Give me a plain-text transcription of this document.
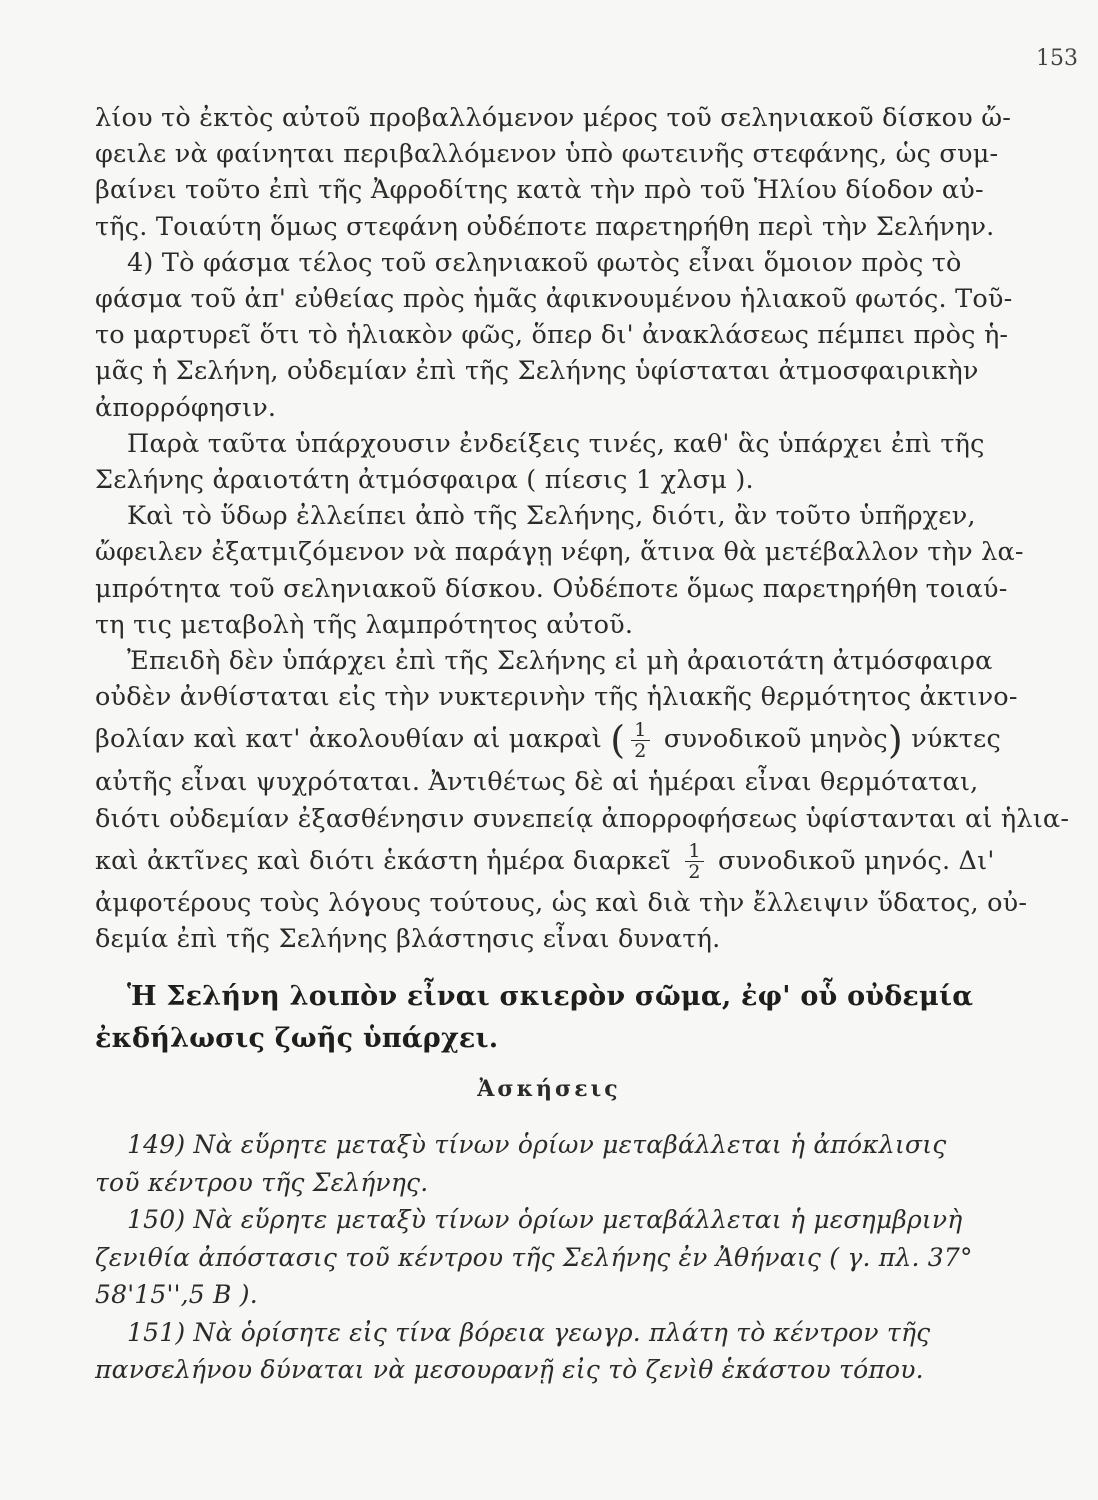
153
λίου τὸ ἐκτὸς αὐτοῦ προβαλλόμενον μέρος τοῦ σεληνιακοῦ δίσκου ὤ-
φειλε νὰ φαίνηται περιβαλλόμενον ὑπὸ φωτεινῆς στεφάνης, ὡς συμ-
βαίνει τοῦτο ἐπὶ τῆς Ἀφροδίτης κατὰ τὴν πρὸ τοῦ Ἡλίου δίοδον αὐ-
τῆς. Τοιαύτη ὅμως στεφάνη οὐδέποτε παρετηρήθη περὶ τὴν Σελήνην.
4) Τὸ φάσμα τέλος τοῦ σεληνιακοῦ φωτὸς εἶναι ὅμοιον πρὸς τὸ
φάσμα τοῦ ἀπ' εὐθείας πρὸς ἡμᾶς ἀφικνουμένου ἡλιακοῦ φωτός. Τοῦ-
το μαρτυρεῖ ὅτι τὸ ἡλιακὸν φῶς, ὅπερ δι' ἀνακλάσεως πέμπει πρὸς ἡ-
μᾶς ἡ Σελήνη, οὐδεμίαν ἐπὶ τῆς Σελήνης ὑφίσταται ἀτμοσφαιρικὴν
ἀπορρόφησιν.
Παρὰ ταῦτα ὑπάρχουσιν ἐνδείξεις τινές, καθ' ἃς ὑπάρχει ἐπὶ τῆς
Σελήνης ἀραιοτάτη ἀτμόσφαιρα ( πίεσις 1 χλσμ ).
Καὶ τὸ ὕδωρ ἐλλείπει ἀπὸ τῆς Σελήνης, διότι, ἂν τοῦτο ὑπῆρχεν,
ὤφειλεν ἐξατμιζόμενον νὰ παράγῃ νέφη, ἅτινα θὰ μετέβαλλον τὴν λα-
μπρότητα τοῦ σεληνιακοῦ δίσκου. Οὐδέποτε ὅμως παρετηρήθη τοιαύ-
τη τις μεταβολὴ τῆς λαμπρότητος αὐτοῦ.
Ἐπειδὴ δὲν ὑπάρχει ἐπὶ τῆς Σελήνης εἰ μὴ ἀραιοτάτη ἀτμόσφαιρα
οὐδὲν ἀνθίσταται εἰς τὴν νυκτερινὴν τῆς ἡλιακῆς θερμότητος ἀκτινο-
βολίαν καὶ κατ' ἀκολουθίαν αἱ μακραὶ ( $\frac{1}{2}$ συνοδικοῦ μηνὸς) νύκτες
αὐτῆς εἶναι ψυχρόταται. Ἀντιθέτως δὲ αἱ ἡμέραι εἶναι θερμόταται,
διότι οὐδεμίαν ἐξασθένησιν συνεπείᾳ ἀπορροφήσεως ὑφίστανται αἱ ἡλια-
καὶ ἀκτῖνες καὶ διότι ἑκάστη ἡμέρα διαρκεῖ $\frac{1}{2}$ συνοδικοῦ μηνός. Δι'
ἀμφοτέρους τοὺς λόγους τούτους, ὡς καὶ διὰ τὴν ἔλλειψιν ὕδατος, οὐ-
δεμία ἐπὶ τῆς Σελήνης βλάστησις εἶναι δυνατή.
Ἡ Σελήνη λοιπὸν εἶναι σκιερὸν σῶμα, ἐφ' οὗ οὐδεμία
ἐκδήλωσις ζωῆς ὑπάρχει.
Ἀσκήσεις
149) Νὰ εὕρητε μεταξὺ τίνων ὁρίων μεταβάλλεται ἡ ἀπόκλισις
τοῦ κέντρου τῆς Σελήνης.
150) Νὰ εὕρητε μεταξὺ τίνων ὁρίων μεταβάλλεται ἡ μεσημβρινὴ
ζενιθία ἀπόστασις τοῦ κέντρου τῆς Σελήνης ἐν Ἀθήναις ( γ. πλ. 37°
58'15'',5 Β ).
151) Νὰ ὁρίσητε εἰς τίνα βόρεια γεωγρ. πλάτη τὸ κέντρον τῆς
πανσελήνου δύναται νὰ μεσουρανῇ εἰς τὸ ζενὶθ ἑκάστου τόπου.
